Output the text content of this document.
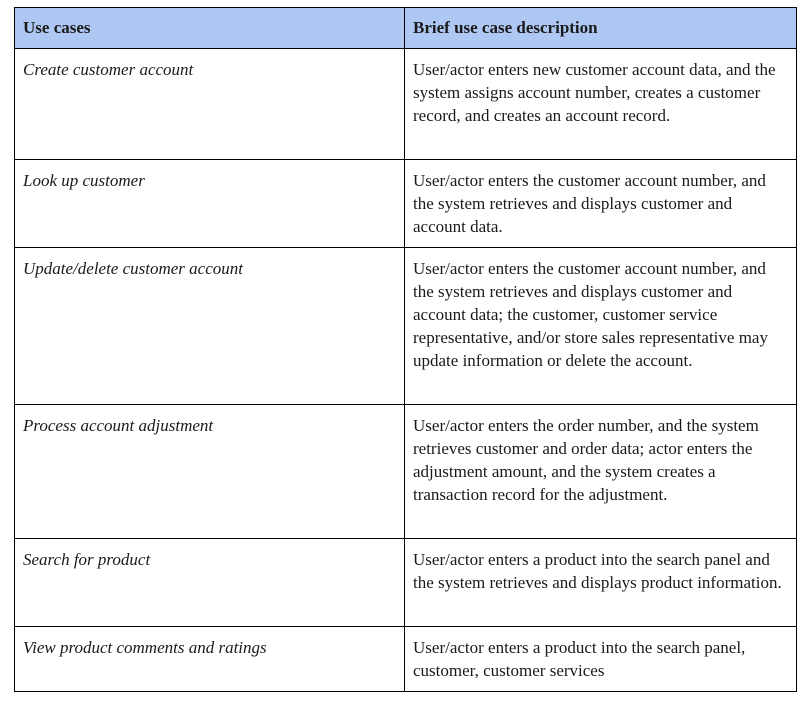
Use cases	Brief use case description
Create customer account	User/actor enters new customer account data, and the system assigns account number, creates a customer record, and creates an account record.
Look up customer	User/actor enters the customer account number, and the system retrieves and displays customer and account data.
Update/delete customer account	User/actor enters the customer account number, and the system retrieves and displays customer and account data; the customer, customer service representative, and/or store sales representative may update information or delete the account.
Process account adjustment	User/actor enters the order number, and the system retrieves customer and order data; actor enters the adjustment amount, and the system creates a transaction record for the adjustment.
Search for product	User/actor enters a product into the search panel and the system retrieves and displays product information.
View product comments and ratings	User/actor enters a product into the search panel, customer, customer services
